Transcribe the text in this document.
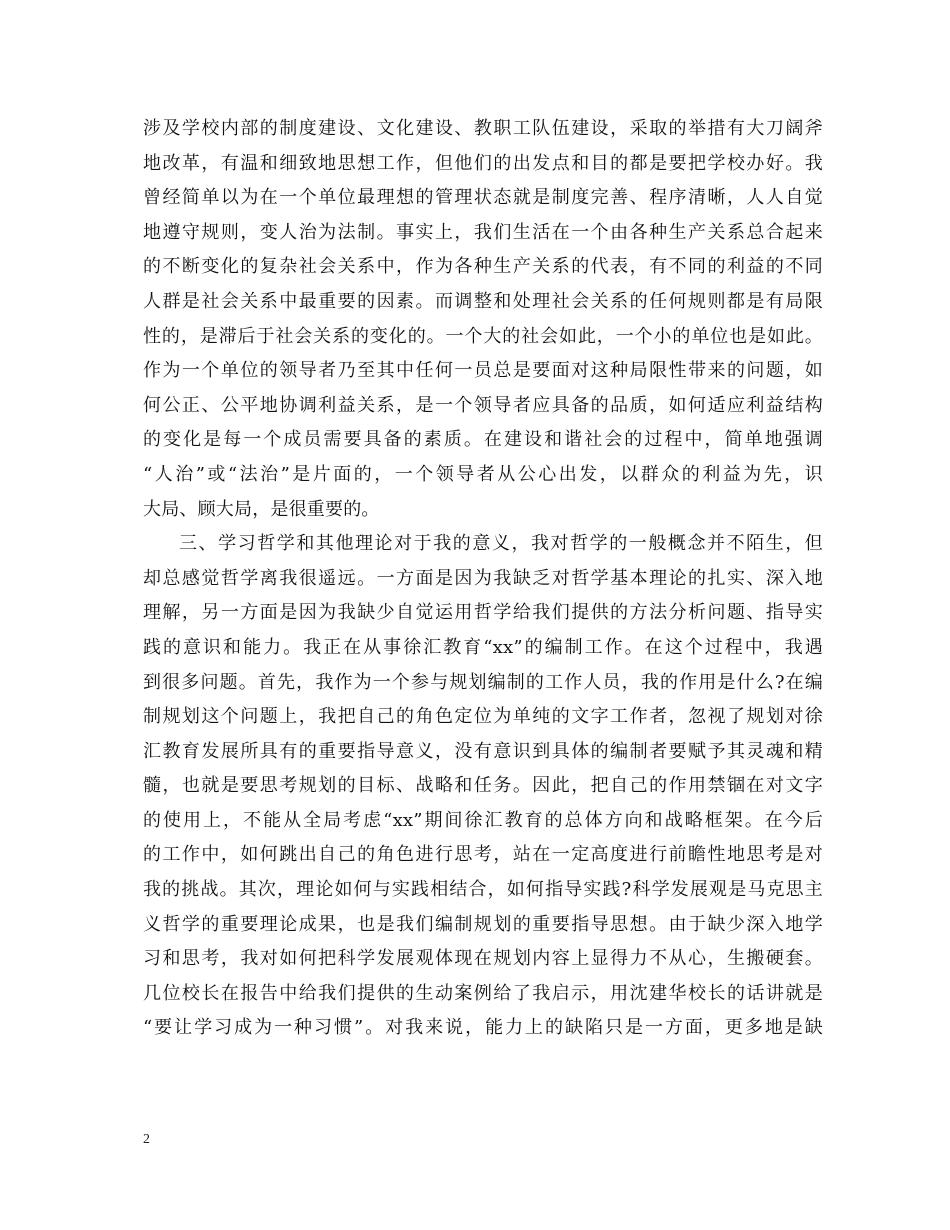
涉及学校内部的制度建设、文化建设、教职工队伍建设，采取的举措有大刀阔斧
地改革，有温和细致地思想工作，但他们的出发点和目的都是要把学校办好。我
曾经简单以为在一个单位最理想的管理状态就是制度完善、程序清晰，人人自觉
地遵守规则，变人治为法制。事实上，我们生活在一个由各种生产关系总合起来
的不断变化的复杂社会关系中，作为各种生产关系的代表，有不同的利益的不同
人群是社会关系中最重要的因素。而调整和处理社会关系的任何规则都是有局限
性的，是滞后于社会关系的变化的。一个大的社会如此，一个小的单位也是如此。
作为一个单位的领导者乃至其中任何一员总是要面对这种局限性带来的问题，如
何公正、公平地协调利益关系，是一个领导者应具备的品质，如何适应利益结构
的变化是每一个成员需要具备的素质。在建设和谐社会的过程中，简单地强调
“人治”或“法治”是片面的，一个领导者从公心出发，以群众的利益为先，识
大局、顾大局，是很重要的。
三、学习哲学和其他理论对于我的意义，我对哲学的一般概念并不陌生，但
却总感觉哲学离我很遥远。一方面是因为我缺乏对哲学基本理论的扎实、深入地
理解，另一方面是因为我缺少自觉运用哲学给我们提供的方法分析问题、指导实
践的意识和能力。我正在从事徐汇教育“xx”的编制工作。在这个过程中，我遇
到很多问题。首先，我作为一个参与规划编制的工作人员，我的作用是什么?在编
制规划这个问题上，我把自己的角色定位为单纯的文字工作者，忽视了规划对徐
汇教育发展所具有的重要指导意义，没有意识到具体的编制者要赋予其灵魂和精
髓，也就是要思考规划的目标、战略和任务。因此，把自己的作用禁锢在对文字
的使用上，不能从全局考虑“xx”期间徐汇教育的总体方向和战略框架。在今后
的工作中，如何跳出自己的角色进行思考，站在一定高度进行前瞻性地思考是对
我的挑战。其次，理论如何与实践相结合，如何指导实践?科学发展观是马克思主
义哲学的重要理论成果，也是我们编制规划的重要指导思想。由于缺少深入地学
习和思考，我对如何把科学发展观体现在规划内容上显得力不从心，生搬硬套。
几位校长在报告中给我们提供的生动案例给了我启示，用沈建华校长的话讲就是
“要让学习成为一种习惯”。对我来说，能力上的缺陷只是一方面，更多地是缺
2
